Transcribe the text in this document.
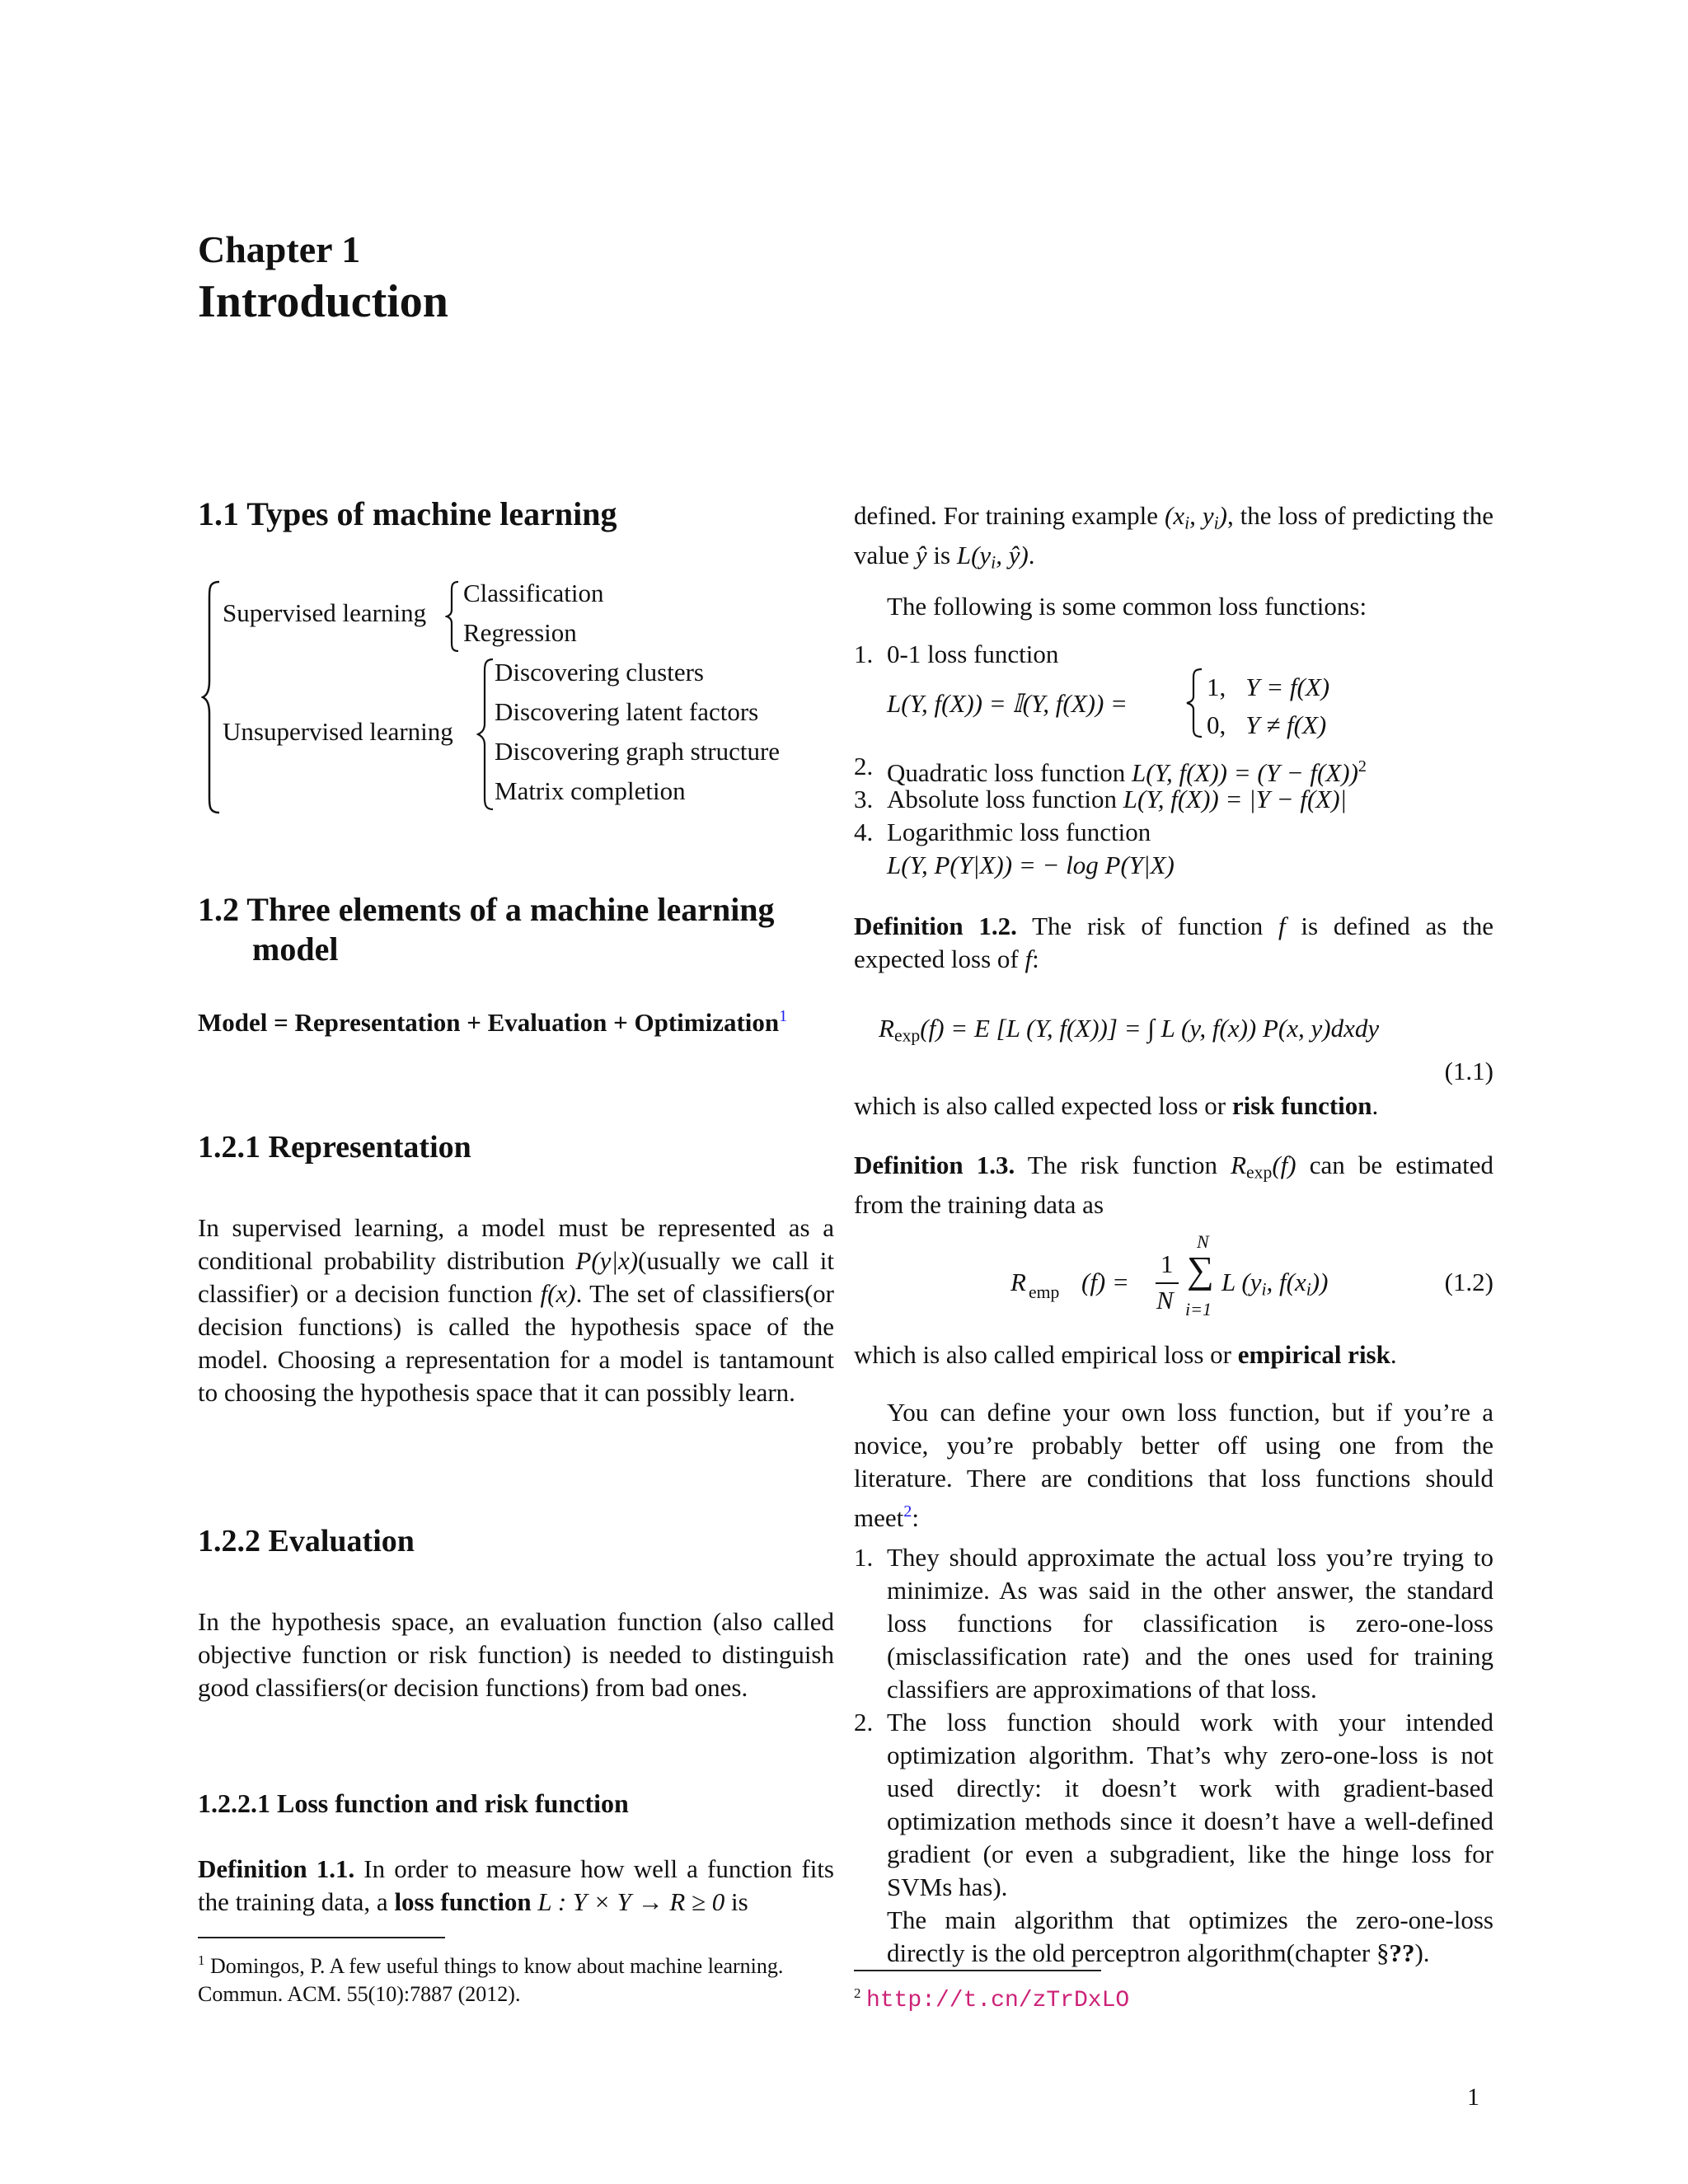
Chapter 1
Introduction
1.1 Types of machine learning
Supervised learning
Classification
Regression
Unsupervised learning
Discovering clusters
Discovering latent factors
Discovering graph structure
Matrix completion
1.2 Three elements of a machine learning
model
Model = Representation + Evaluation + Optimization$^1$
1.2.1 Representation
In supervised learning, a model must be represented as a conditional probability distribution P(y|x)(usually we call it classifier) or a decision function f(x). The set of classifiers(or decision functions) is called the hypothesis space of the model. Choosing a representation for a model is tantamount to choosing the hypothesis space that it can possibly learn.
1.2.2 Evaluation
In the hypothesis space, an evaluation function (also called objective function or risk function) is needed to distinguish good classifiers(or decision functions) from bad ones.
1.2.2.1 Loss function and risk function
Definition 1.1. In order to measure how well a function fits the training data, a loss function L : Y × Y → R ≥ 0 is
$^1$ Domingos, P. A few useful things to know about machine learning. Commun. ACM. 55(10):7887 (2012).
defined. For training example ($x_i$, $y_i$), the loss of predicting the value ŷ is $L(y_i$, ŷ).
The following is some common loss functions:
1. 0-1 loss function
L(Y, f(X)) = 𝕀(Y, f(X)) =
1, Y = f(X)
0, Y ≠ f(X)
2. Quadratic loss function L(Y, $f(X)) = (Y - f(X))^2$
3. Absolute loss function L(Y, f(X)) = |Y − f(X)|
4. Logarithmic loss function
L(Y, P(Y|X)) = − log P(Y|X)
Definition 1.2. The risk of function f is defined as the expected loss of f:
$R_{exp}(f) = E$ [L (Y, f(X))] = ∫ L (y, f(x)) P(x, y)dxdy
(1.1)
which is also called expected loss or risk function.
Definition 1.3. The risk function $R_{exp}(f)$ can be estimated from the training data as
R emp (f) =
1
N
N
∑
i=1
L ($y_i$, $f(x_i)$)	(1.2)
which is also called empirical loss or empirical risk.
You can define your own loss function, but if you’re a novice, you’re probably better off using one from the literature. There are conditions that loss functions should meet$^2$:
1. They should approximate the actual loss you’re trying to minimize. As was said in the other answer, the standard loss functions for classification is zero-one-loss (misclassification rate) and the ones used for training classifiers are approximations of that loss.
2. The loss function should work with your intended optimization algorithm. That’s why zero-one-loss is not used directly: it doesn’t work with gradient-based optimization methods since it doesn’t have a well-defined gradient (or even a subgradient, like the hinge loss for SVMs has).
The main algorithm that optimizes the zero-one-loss directly is the old perceptron algorithm(chapter §??).
$^2$ http://t.cn/zTrDxLO
1
